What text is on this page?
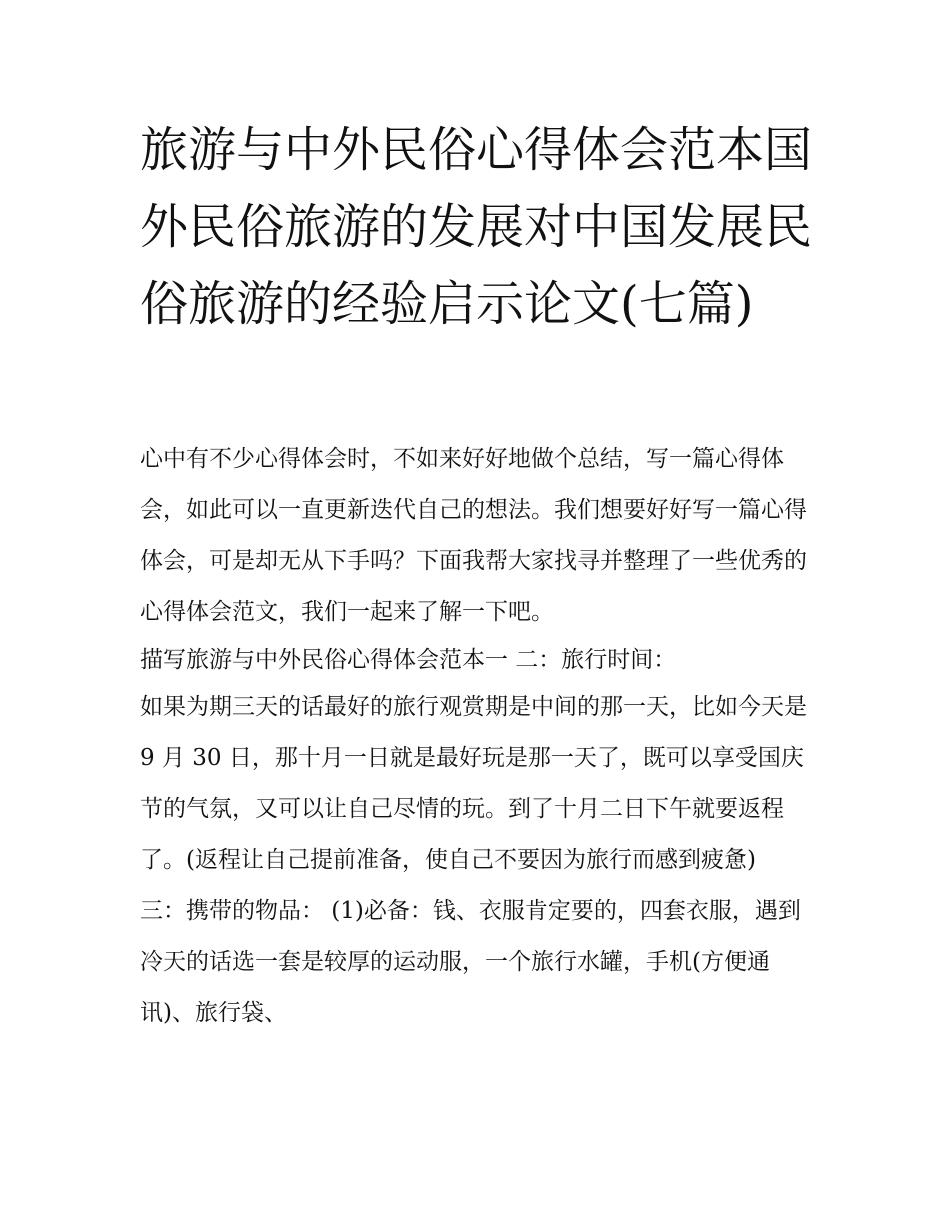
旅游与中外民俗心得体会范本国外民俗旅游的发展对中国发展民俗旅游的经验启示论文(七篇)

心中有不少心得体会时，不如来好好地做个总结，写一篇心得体会，如此可以一直更新迭代自己的想法。我们想要好好写一篇心得体会，可是却无从下手吗？下面我帮大家找寻并整理了一些优秀的心得体会范文，我们一起来了解一下吧。

描写旅游与中外民俗心得体会范本一 二：旅行时间：

如果为期三天的话最好的旅行观赏期是中间的那一天，比如今天是 9 月 30 日，那十月一日就是最好玩是那一天了，既可以享受国庆节的气氛，又可以让自己尽情的玩。到了十月二日下午就要返程了。(返程让自己提前准备，使自己不要因为旅行而感到疲惫)

三：携带的物品： (1)必备：钱、衣服肯定要的，四套衣服，遇到冷天的话选一套是较厚的运动服，一个旅行水罐，手机(方便通讯)、旅行袋、
